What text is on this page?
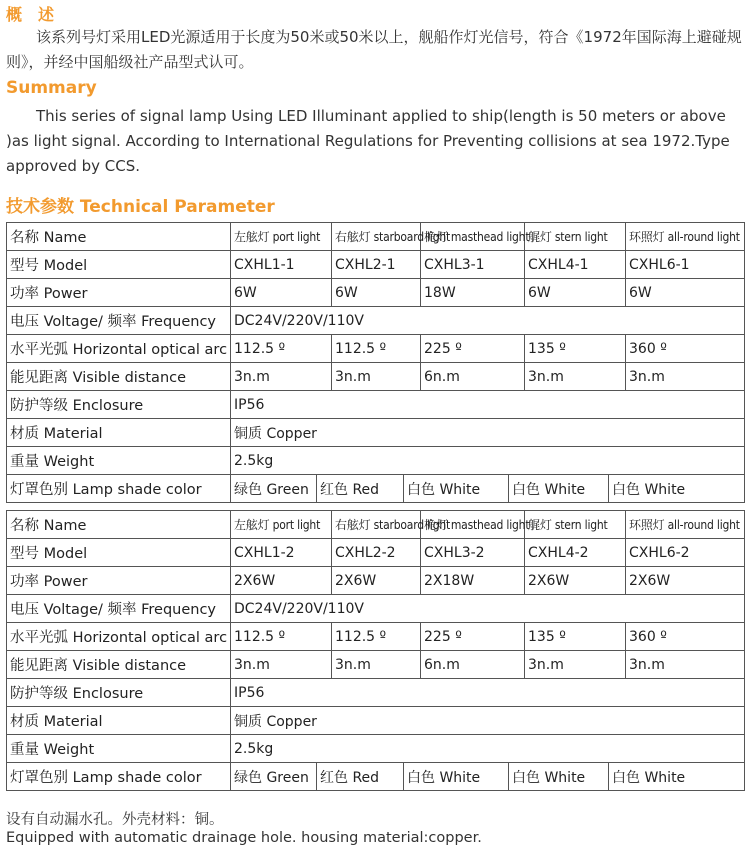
概　述

该系列号灯采用LED光源适用于长度为50米或50米以上，舰船作灯光信号，符合《1972年国际海上避碰规则》，并经中国船级社产品型式认可。

Summary

This series of signal lamp Using LED Illuminant applied to ship(length is 50 meters or above )as light signal. According to International Regulations for Preventing collisions at sea 1972.Type approved by CCS.

技术参数 Technical Parameter
名称 Name	左舷灯 port light		右舷灯 starboard light		桅灯 masthead light		艉灯 stern light		环照灯 all-round light	
型号 Model	CXHL1-1		CXHL2-1		CXHL3-1		CXHL4-1		CXHL6-1	
功率 Power	6W		6W		18W		6W		6W	
电压 Voltage/ 频率 Frequency	DC24V/220V/110V									
水平光弧 Horizontal optical arc	112.5 º		112.5 º		225 º		135 º		360 º	
能见距离 Visible distance	3n.m		3n.m		6n.m		3n.m		3n.m	
防护等级 Enclosure	IP56									
材质 Material	铜质 Copper									
重量 Weight	2.5kg									
灯罩色别 Lamp shade color	绿色 Green	红色 Red		白色 White		白色 White		白色 White	
名称 Name	左舷灯 port light		右舷灯 starboard light		桅灯 masthead light		艉灯 stern light		环照灯 all-round light	
型号 Model	CXHL1-2		CXHL2-2		CXHL3-2		CXHL4-2		CXHL6-2	
功率 Power	2X6W		2X6W		2X18W		2X6W		2X6W	
电压 Voltage/ 频率 Frequency	DC24V/220V/110V									
水平光弧 Horizontal optical arc	112.5 º		112.5 º		225 º		135 º		360 º	
能见距离 Visible distance	3n.m		3n.m		6n.m		3n.m		3n.m	
防护等级 Enclosure	IP56									
材质 Material	铜质 Copper									
重量 Weight	2.5kg									
灯罩色别 Lamp shade color	绿色 Green	红色 Red		白色 White		白色 White		白色 White	

设有自动漏水孔。外壳材料：铜。

Equipped with automatic drainage hole. housing material:copper.
